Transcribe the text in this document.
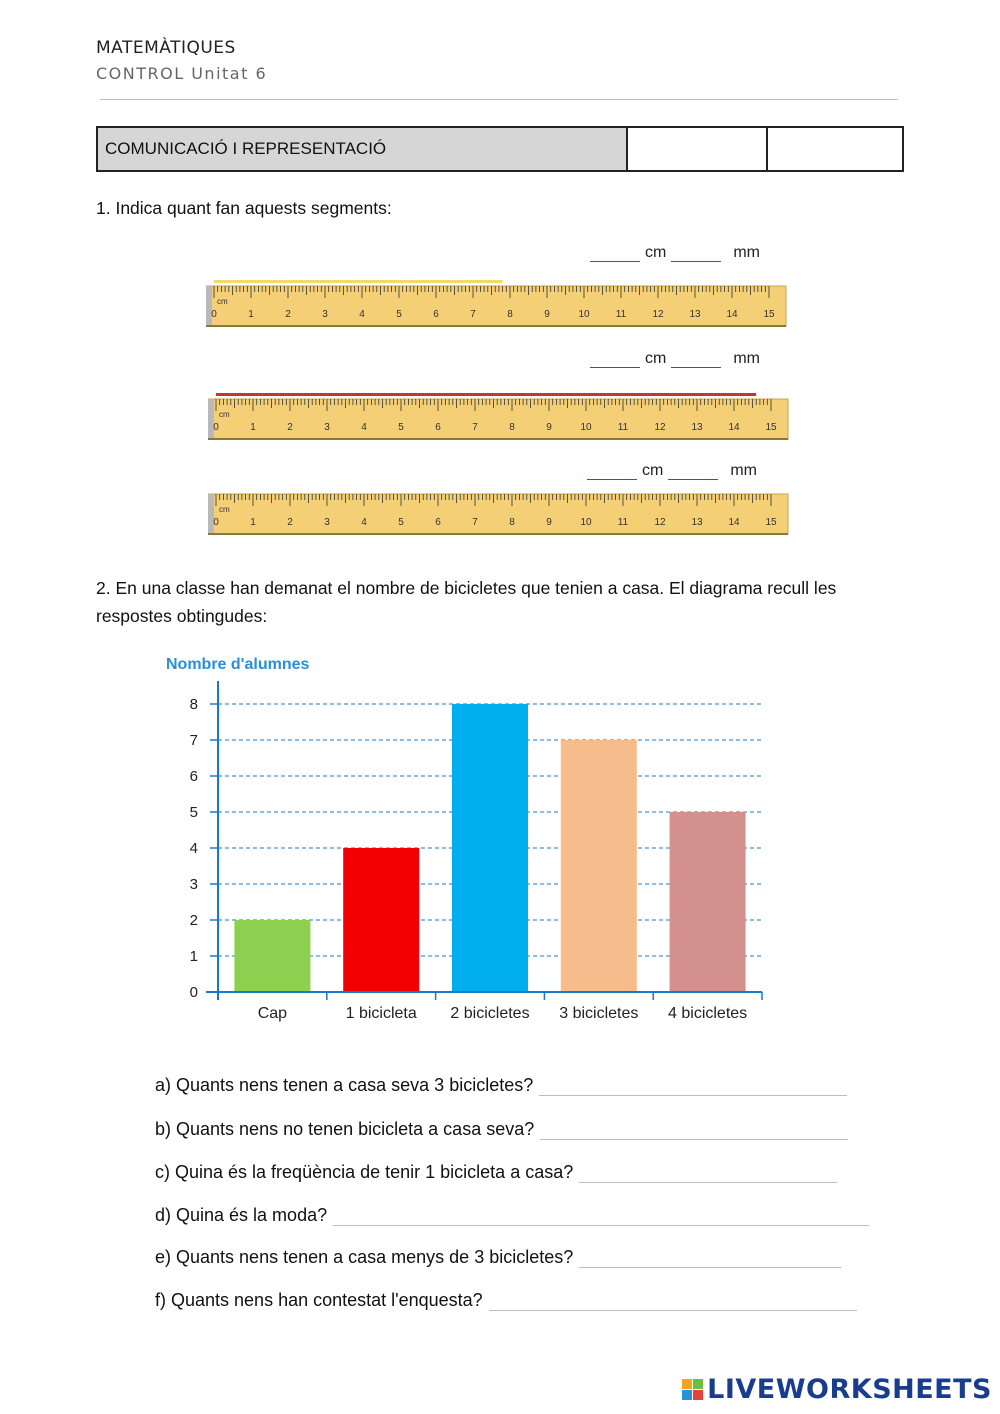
MATEMÀTIQUES
CONTROL Unitat 6
COMUNICACIÓ I REPRESENTACIÓ
1. Indica quant fan aquests segments:
cm	mm
cm
0	1	2	3	4	5	6	7	8	9	10	11	12	13	14	15
cm	mm
cm
0	1	2	3	4	5	6	7	8	9	10	11	12	13	14	15
cm	mm
cm
0	1	2	3	4	5	6	7	8	9	10	11	12	13	14	15
2. En una classe han demanat el nombre de bicicletes que tenien a casa. El diagrama recull les respostes obtingudes:
Nombre d'alumnes
0
1
2
3
4
5
6
7
8
Cap	1 bicicleta 2 bicicletes 3 bicicletes 4 bicicletes
a) Quants nens tenen a casa seva 3 bicicletes?
b) Quants nens no tenen bicicleta a casa seva?
c) Quina és la freqüència de tenir 1 bicicleta a casa?
d) Quina és la moda?
e) Quants nens tenen a casa menys de 3 bicicletes?
f) Quants nens han contestat l'enquesta?
LIVEWORKSHEETS
